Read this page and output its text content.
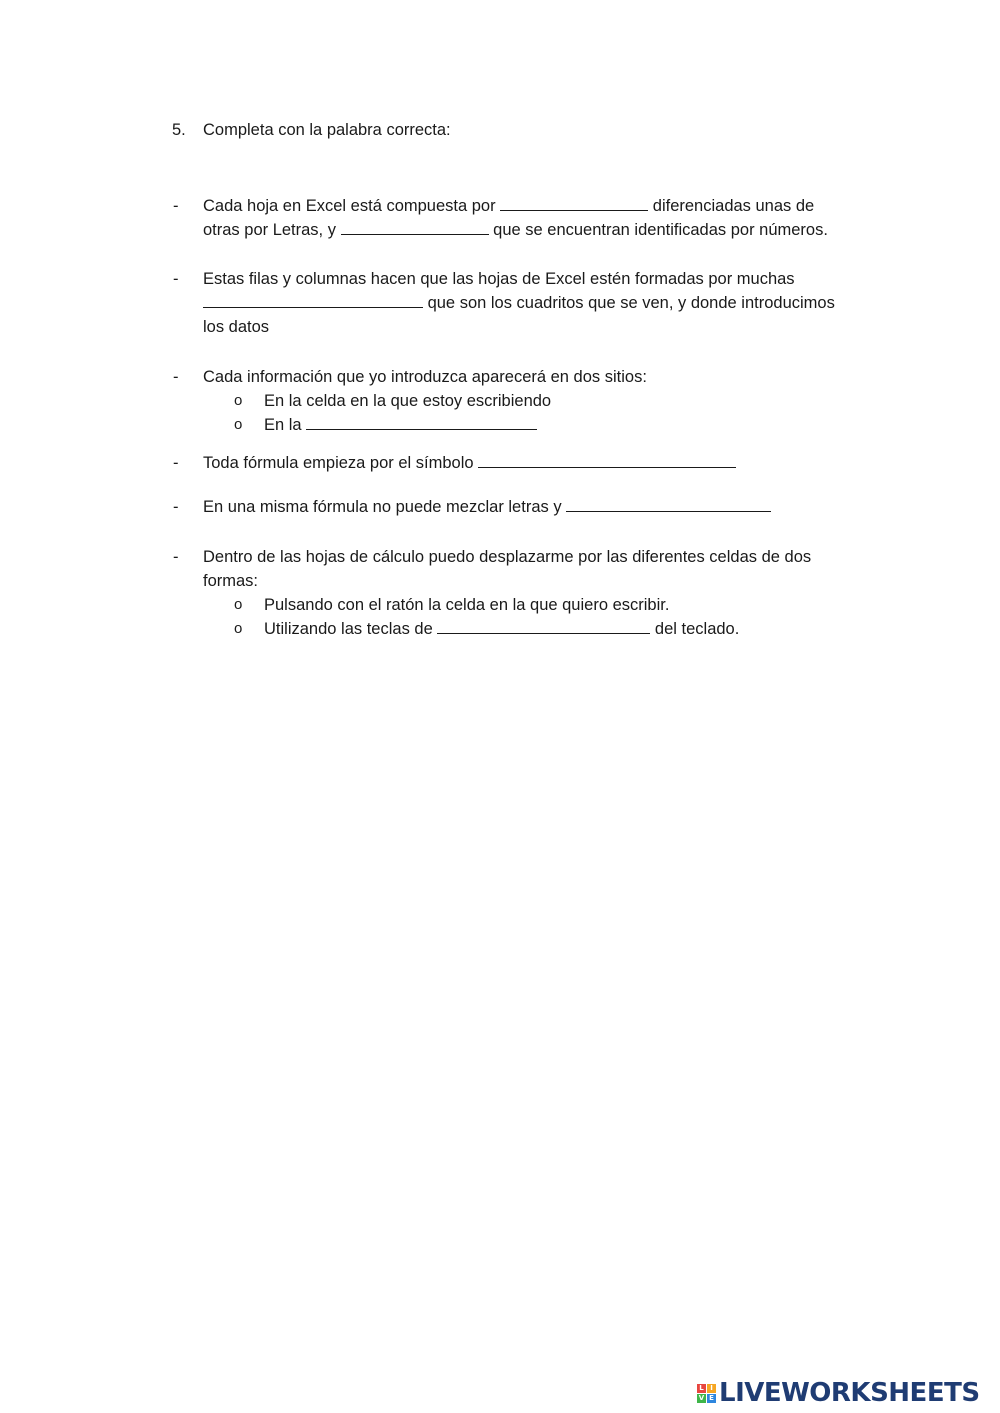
5. Completa con la palabra correcta:
- Cada hoja en Excel está compuesta por	diferenciadas unas de
otras por Letras, y	que se encuentran identificadas por números.
- Estas filas y columnas hacen que las hojas de Excel estén formadas por muchas
que son los cuadritos que se ven, y donde introducimos
los datos
- Cada información que yo introduzca aparecerá en dos sitios:
o En la celda en la que estoy escribiendo
o En la
- Toda fórmula empieza por el símbolo
- En una misma fórmula no puede mezclar letras y
- Dentro de las hojas de cálculo puedo desplazarme por las diferentes celdas de dos
formas:
o Pulsando con el ratón la celda en la que quiero escribir.
o Utilizando las teclas de	del teclado.
L I
V E LIVEWORKSHEETS
